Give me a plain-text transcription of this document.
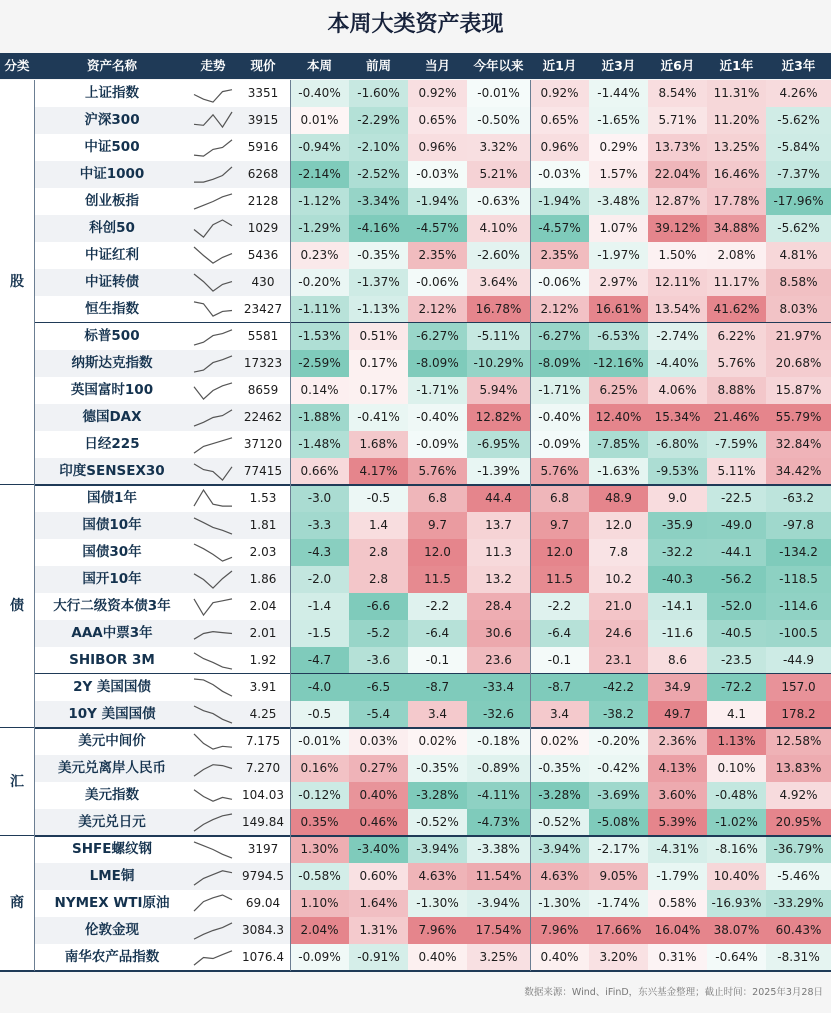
本周大类资产表现
分类	资产名称	走势	现价	本周	前周	当月	今年以来	近1月	近3月	近6月	近1年	近3年
上证指数	3351	-0.40%	-1.60%	0.92%	-0.01%	0.92%	-1.44%	8.54%	11.31%	4.26%
沪深300	3915	0.01%	-2.29%	0.65%	-0.50%	0.65%	-1.65%	5.71%	11.20%	-5.62%
中证500	5916	-0.94%	-2.10%	0.96%	3.32%	0.96%	0.29%	13.73%	13.25%	-5.84%
中证1000	6268	-2.14%	-2.52%	-0.03%	5.21%	-0.03%	1.57%	22.04%	16.46%	-7.37%
创业板指	2128	-1.12%	-3.34%	-1.94%	-0.63%	-1.94%	-3.48%	12.87%	17.78%	-17.96%
科创50	1029	-1.29%	-4.16%	-4.57%	4.10%	-4.57%	1.07%	39.12%	34.88%	-5.62%
中证红利	5436	0.23%	-0.35%	2.35%	-2.60%	2.35%	-1.97%	1.50%	2.08%	4.81%
中证转债	430	-0.20%	-1.37%	-0.06%	3.64%	-0.06%	2.97%	12.11%	11.17%	8.58%
恒生指数	23427	-1.11%	-1.13%	2.12%	16.78%	2.12%	16.61%	13.54%	41.62%	8.03%
标普500	5581	-1.53%	0.51%	-6.27%	-5.11%	-6.27%	-6.53%	-2.74%	6.22%	21.97%
纳斯达克指数	17323	-2.59%	0.17%	-8.09%	-10.29%	-8.09%	-12.16%	-4.40%	5.76%	20.68%
英国富时100	8659	0.14%	0.17%	-1.71%	5.94%	-1.71%	6.25%	4.06%	8.88%	15.87%
德国DAX	22462	-1.88%	-0.41%	-0.40%	12.82%	-0.40%	12.40%	15.34%	21.46%	55.79%
日经225	37120	-1.48%	1.68%	-0.09%	-6.95%	-0.09%	-7.85%	-6.80%	-7.59%	32.84%
印度SENSEX30	77415	0.66%	4.17%	5.76%	-1.39%	5.76%	-1.63%	-9.53%	5.11%	34.42%
国债1年	1.53	-3.0	-0.5	6.8	44.4	6.8	48.9	9.0	-22.5	-63.2
国债10年	1.81	-3.3	1.4	9.7	13.7	9.7	12.0	-35.9	-49.0	-97.8
国债30年	2.03	-4.3	2.8	12.0	11.3	12.0	7.8	-32.2	-44.1	-134.2
国开10年	1.86	-2.0	2.8	11.5	13.2	11.5	10.2	-40.3	-56.2	-118.5
大行二级资本债3年	2.04	-1.4	-6.6	-2.2	28.4	-2.2	21.0	-14.1	-52.0	-114.6
AAA中票3年	2.01	-1.5	-5.2	-6.4	30.6	-6.4	24.6	-11.6	-40.5	-100.5
SHIBOR 3M	1.92	-4.7	-3.6	-0.1	23.6	-0.1	23.1	8.6	-23.5	-44.9
2Y 美国国债	3.91	-4.0	-6.5	-8.7	-33.4	-8.7	-42.2	34.9	-72.2	157.0
10Y 美国国债	4.25	-0.5	-5.4	3.4	-32.6	3.4	-38.2	49.7	4.1	178.2
美元中间价	7.175	-0.01%	0.03%	0.02%	-0.18%	0.02%	-0.20%	2.36%	1.13%	12.58%
美元兑离岸人民币	7.270	0.16%	0.27%	-0.35%	-0.89%	-0.35%	-0.42%	4.13%	0.10%	13.83%
美元指数	104.03	-0.12%	0.40%	-3.28%	-4.11%	-3.28%	-3.69%	3.60%	-0.48%	4.92%
美元兑日元	149.84	0.35%	0.46%	-0.52%	-4.73%	-0.52%	-5.08%	5.39%	-1.02%	20.95%
SHFE螺纹钢	3197	1.30%	-3.40%	-3.94%	-3.38%	-3.94%	-2.17%	-4.31%	-8.16%	-36.79%
LME铜	9794.5	-0.58%	0.60%	4.63%	11.54%	4.63%	9.05%	-1.79%	10.40%	-5.46%
NYMEX WTI原油	69.04	1.10%	1.64%	-1.30%	-3.94%	-1.30%	-1.74%	0.58%	-16.93% -33.29%
伦敦金现	3084.3	2.04%	1.31%	7.96%	17.54%	7.96%	17.66%	16.04%	38.07%	60.43%
南华农产品指数	1076.4	-0.09%	-0.91%	0.40%	3.25%	0.40%	3.20%	0.31%	-0.64%	-8.31%
股
债
汇
商
数据来源：Wind、iFinD，东兴基金整理；截止时间：2025年3月28日
